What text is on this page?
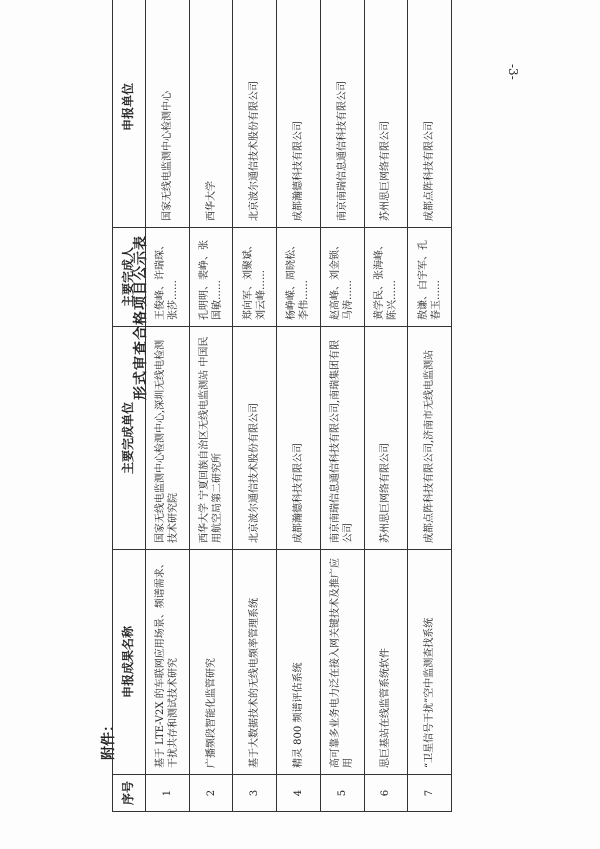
-3-
形式审查合格项目公示表
附件：
序号	申报成果名称	主要完成单位	主要完成人	申报单位
1	基于 LTE-V2X 的车联网应用场景、频谱需求、干扰共存和测试技术研究	国家无线电监测中心检测中心,深圳无线电检测技术研究院	王俊峰、许瑞琛、张莎……	国家无线电监测中心检测中心
2	广播频段智能化监管研究	西华大学 宁夏回族自治区无线电监测站 中国民用航空局第二研究所	孔明明、裴峥、张国敏……	西华大学
3	基于大数据技术的无线电频率管理系统	北京波尔通信技术股份有限公司	郑向军、刘聚斌、刘云峰……	北京波尔通信技术股份有限公司
4	精灵 800 频谱评估系统	成都瀚德科技有限公司	杨峥嵘、周晓松、李伟……	成都瀚德科技有限公司
5	高可靠多业务电力泛在接入网关键技术及推广应用	南京南瑞信息通信科技有限公司,南瑞集团有限公司	赵高峰、刘金锁、马涛……	南京南瑞信息通信科技有限公司
6	思巨基站在线监管系统软件	苏州思巨网络有限公司	黄学民、张海峰、陈兴……	苏州思巨网络有限公司
7	“卫星信号干扰”空中监测查找系统	成都点阵科技有限公司,济南市无线电监测站	敖谦、白宇军、孔春玉……	成都点阵科技有限公司
